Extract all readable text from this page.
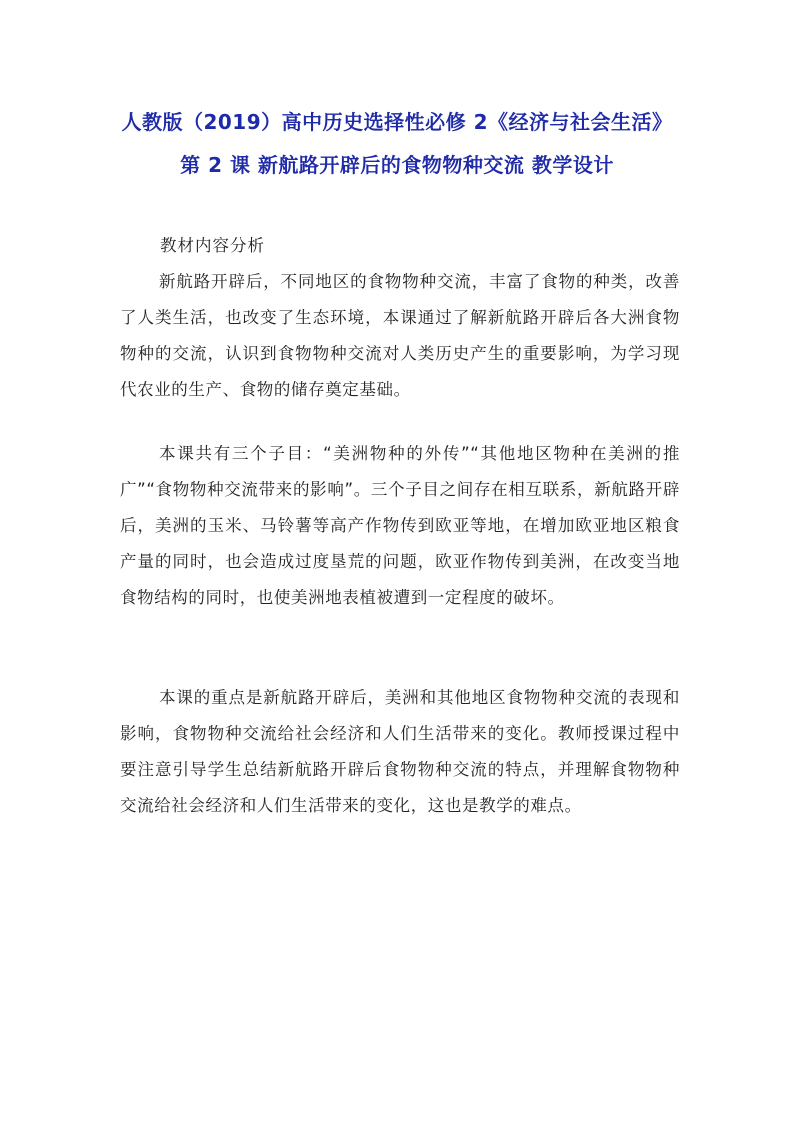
人教版（2019）高中历史选择性必修 2《经济与社会生活》
第 2 课 新航路开辟后的食物物种交流 教学设计
教材内容分析

新航路开辟后，不同地区的食物物种交流，丰富了食物的种类，改善了人类生活，也改变了生态环境，本课通过了解新航路开辟后各大洲食物物种的交流，认识到食物物种交流对人类历史产生的重要影响，为学习现代农业的生产、食物的储存奠定基础。

本课共有三个子目：“美洲物种的外传”“其他地区物种在美洲的推广”“食物物种交流带来的影响”。三个子目之间存在相互联系，新航路开辟后，美洲的玉米、马铃薯等高产作物传到欧亚等地，在增加欧亚地区粮食产量的同时，也会造成过度垦荒的问题，欧亚作物传到美洲，在改变当地食物结构的同时，也使美洲地表植被遭到一定程度的破坏。

本课的重点是新航路开辟后，美洲和其他地区食物物种交流的表现和影响，食物物种交流给社会经济和人们生活带来的变化。教师授课过程中要注意引导学生总结新航路开辟后食物物种交流的特点，并理解食物物种交流给社会经济和人们生活带来的变化，这也是教学的难点。
